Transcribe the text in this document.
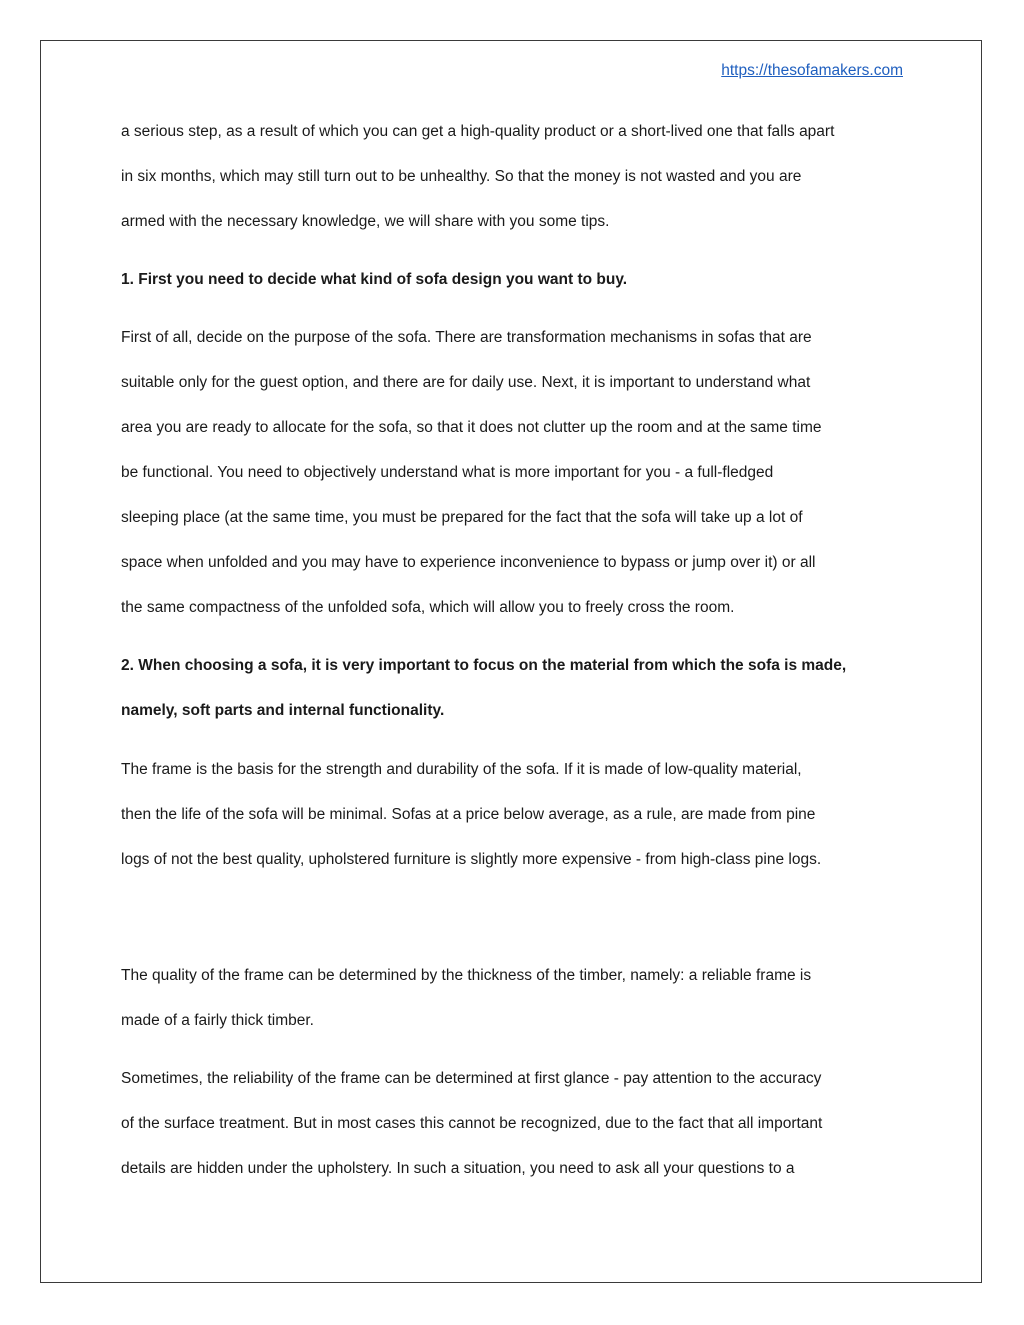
https://thesofamakers.com
a serious step, as a result of which you can get a high-quality product or a short-lived one that falls apart
in six months, which may still turn out to be unhealthy. So that the money is not wasted and you are
armed with the necessary knowledge, we will share with you some tips.
1. First you need to decide what kind of sofa design you want to buy.
First of all, decide on the purpose of the sofa. There are transformation mechanisms in sofas that are
suitable only for the guest option, and there are for daily use. Next, it is important to understand what
area you are ready to allocate for the sofa, so that it does not clutter up the room and at the same time
be functional. You need to objectively understand what is more important for you - a full-fledged
sleeping place (at the same time, you must be prepared for the fact that the sofa will take up a lot of
space when unfolded and you may have to experience inconvenience to bypass or jump over it) or all
the same compactness of the unfolded sofa, which will allow you to freely cross the room.
2. When choosing a sofa, it is very important to focus on the material from which the sofa is made,
namely, soft parts and internal functionality.
The frame is the basis for the strength and durability of the sofa. If it is made of low-quality material,
then the life of the sofa will be minimal. Sofas at a price below average, as a rule, are made from pine
logs of not the best quality, upholstered furniture is slightly more expensive - from high-class pine logs.
The quality of the frame can be determined by the thickness of the timber, namely: a reliable frame is
made of a fairly thick timber.
Sometimes, the reliability of the frame can be determined at first glance - pay attention to the accuracy
of the surface treatment. But in most cases this cannot be recognized, due to the fact that all important
details are hidden under the upholstery. In such a situation, you need to ask all your questions to a
